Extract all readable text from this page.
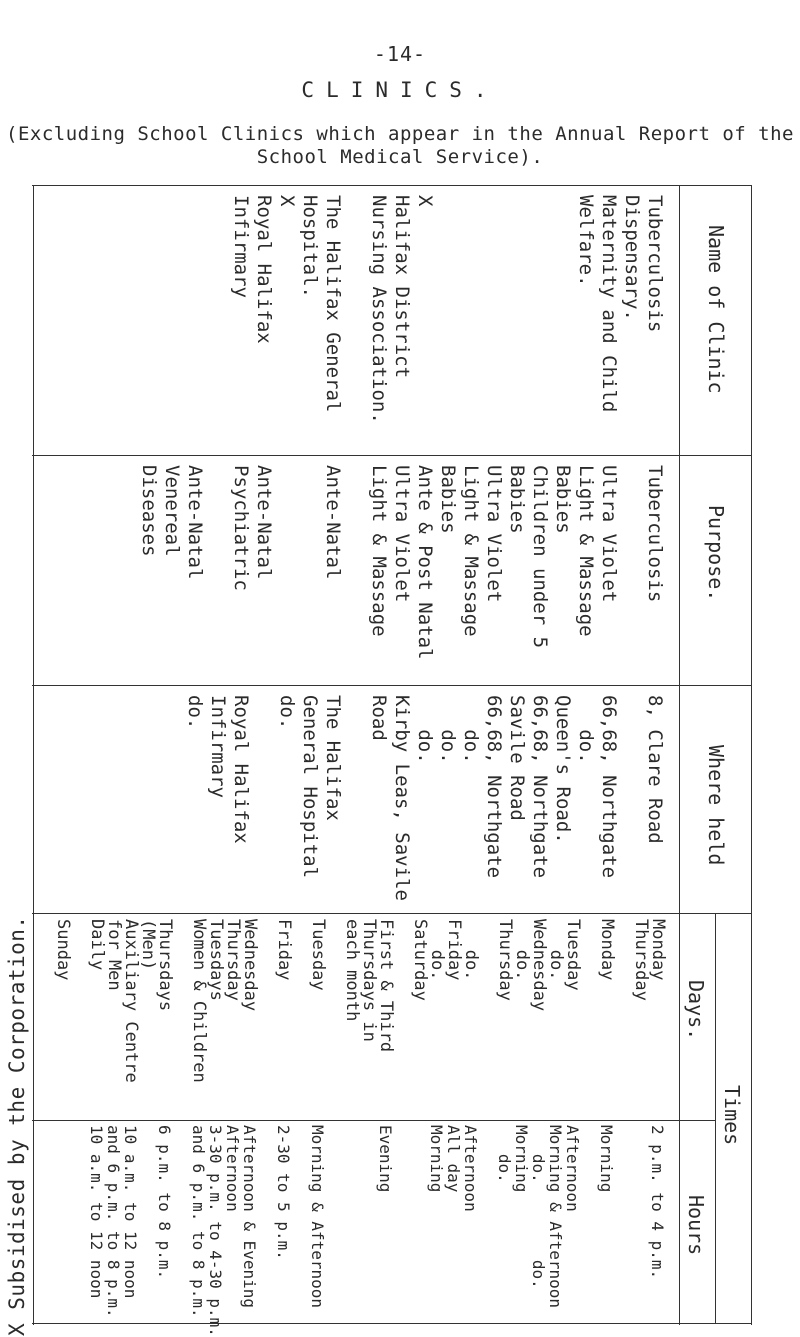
-14-
CLINICS.
(Excluding School Clinics which appear in the Annual Report of the
School Medical Service).
Name of Clinic
Purpose.
Where held
Times
Days.
Hours
Tuberculosis
Dispensary.
Maternity and Child
Welfare.
X
Halifax District
Nursing Association.
The Halifax General
Hospital.
X
Royal Halifax
Infirmary
Tuberculosis
Ultra Violet
Light & Massage
Babies
Children under 5
Babies
Ultra Violet
Light & Massage
Babies
Ante & Post Natal
Ultra Violet
Light & Massage
Ante-Natal
Ante-Natal
Psychiatric
Ante-Natal
Venereal
Diseases
8, Clare Road
66,68, Northgate
do.
Queen's Road.
66,68, Northgate
Savile Road
66,68, Northgate
do.
do.
do.
Kirby Leas, Savile
Road
The Halifax
General Hospital
do.
Royal Halifax
Infirmary
do.
Monday
Thursday
Monday
Tuesday
do.
Wednesday
do.
Thursday
do.
Friday
do.
Saturday
First & Third
Thursdays in
each month
Tuesday
Friday
Wednesday
Thursday
Tuesdays
Women & Children
Thursdays
(Men)
Auxiliary Centre
for Men
Daily
Sunday
2 p.m. to 4 p.m.
Morning
Afternoon
Morning & Afternoon
do.        do.
Morning
do.
Afternoon
All day
Morning
Evening
Morning & Afternoon
2-30 to 5 p.m.
Afternoon & Evening
Afternoon
3-30 p.m. to 4-30 p.m.
and 6 p.m. to 8 p.m.
6 p.m. to 8 p.m.
10 a.m. to 12 noon
and 6 p.m. to 8 p.m.
10 a.m. to 12 noon
X Subsidised by the Corporation.
